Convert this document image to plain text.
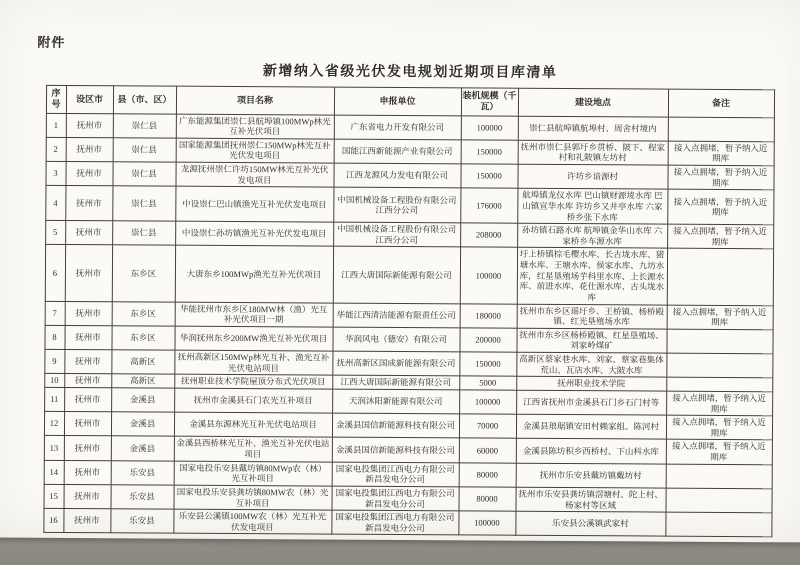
附件
新增纳入省级光伏发电规划近期项目库清单
序号	设区市	县（市、区）	项目名称	申报单位	装机规模（千瓦）	建设地点	备注
1	抚州市	崇仁县	广东能源集团崇仁县航埠镇100MWp林光互补光伏项目	广东省电力开发有限公司	100000	崇仁县航埠镇航埠村、周舍村境内	
2	抚州市	崇仁县	国家能源集团抚州崇仁150MWp林光互补光伏发电项目	国能江西新能源产业有限公司	150000	抚州市崇仁县郭圩乡贯桥、陂下、程家村和礼陂镇左坊村	接入点拥堵，暂予纳入近期库
3	抚州市	崇仁县	龙源抚州崇仁许坊150MW林光互补光伏发电项目	江西龙源风力发电有限公司	150000	许坊乡谙源村	接入点拥堵，暂予纳入近期库
4	抚州市	崇仁县	中设崇仁巴山镇渔光互补光伏发电项目	中国机械设备工程股份有限公司江西分公司	176000	航埠镇龙仪水库 巴山镇财源堎水库 巴山镇宣华水库 许坊乡又井亭水库 六家桥乡张下水库	接入点拥堵，暂予纳入近期库
5	抚州市	崇仁县	中设崇仁孙坊镇渔光互补光伏发电项目	中国机械设备工程股份有限公司江西分公司	208000	孙坊镇石路水库 航埠镇金华山水库 六家桥乡车源水库	接入点拥堵，暂予纳入近期库
6	抚州市	东乡区	大唐东乡100MWp渔光互补光伏项目	江西大唐国际新能源有限公司	100000	圩上桥镇棕毛樱水库、长古垅水库、猪塘水库、王塘水库、侯家水库、九坊水库，红星垦殖场芋科里水库、上长源水库、前进水库、花仕源水库、古头垅水库	
7	抚州市	东乡区	华能抚州市东乡区180MW林（渔）光互补光伏项目一期	华能江西清洁能源有限责任公司	180000	抚州市东乡区瑶圩乡、王桥镇、杨桥殿镇、红光垦殖场水库	接入点拥堵，暂予纳入近期库
8	抚州市	东乡区	华润抚州东乡200MW渔光互补光伏项目	华润风电（德安）有限公司	200000	抚州市东乡区杨桥殿镇、红星垦殖场、刘家岭煤矿	
9	抚州市	高新区	抚州高新区150MWp林光互补、渔光互补光伏电站项目	抚州高新区国成新能源有限公司	150000	高新区蔡家巷水库、刘家、蔡家巷集体荒山、瓦店水库、大陂水库	
10	抚州市	高新区	抚州职业技术学院屋顶分布式光伏项目	江西大唐国际新能源有限公司	5000	抚州职业技术学院	
11	抚州市	金溪县	抚州市金溪县石门农光互补项目	天润沐阳新能源有限公司	100000	江西省抚州市金溪县石门乡石门村等	接入点拥堵，暂予纳入近期库
12	抚州市	金溪县	金溪县东源林光互补光伏电站项目	金溪县国信新能源科技有限公司	70000	金溪县琅琚镇安田村赖家组、陈河村	接入点拥堵，暂予纳入近期库
13	抚州市	金溪县	金溪县西桥林光互补、渔光互补光伏电站项目	金溪县国信新能源科技有限公司	60000	金溪县陈坊积乡西桥村、下山科水库	接入点拥堵，暂予纳入近期库
14	抚州市	乐安县	国家电投乐安县戴坊镇80MWp农（林）光互补项目	国家电投集团江西电力有限公司新昌发电分公司	80000	抚州市乐安县戴坊镇戴坊村	
15	抚州市	乐安县	国家电投乐安县龚坊镇80MW农（林）光互补项目	国家电投集团江西电力有限公司新昌发电分公司	80000	抚州市乐安县龚坊镇滘塘村、陀上村、杨家村等区域	
16	抚州市	乐安县	乐安县公溪镇100MW农（林）光互补光伏发电项目	国家电投集团江西电力有限公司新昌发电分公司	100000	乐安县公溪镇武家村	
